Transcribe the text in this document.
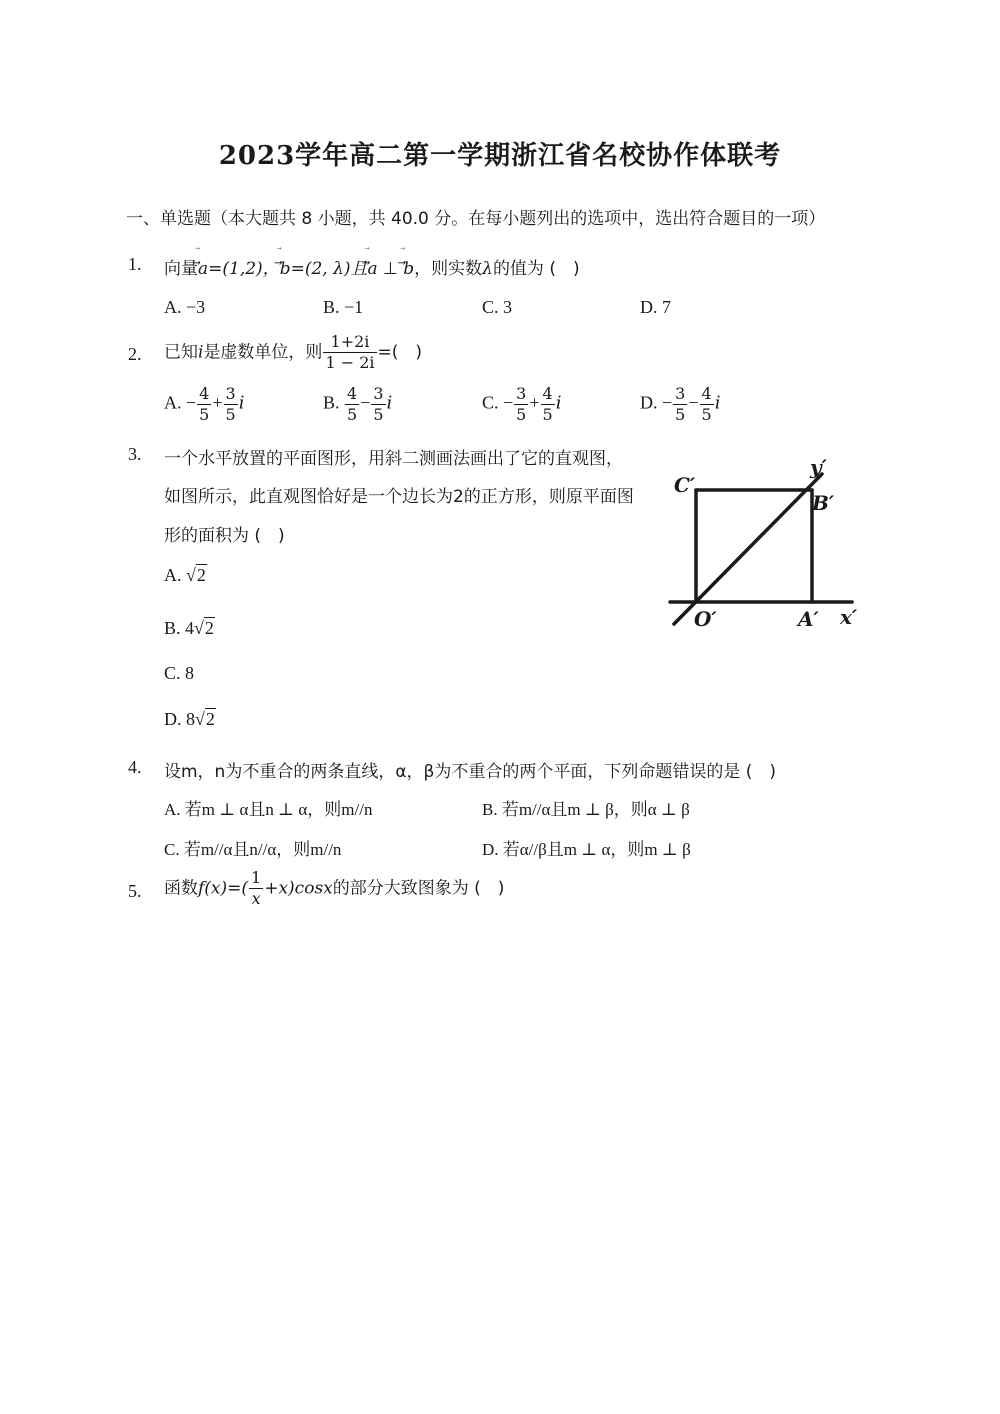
2023学年高二第一学期浙江省名校协作体联考
一、单选题（本大题共 8 小题，共 40.0 分。在每小题列出的选项中，选出符合题目的一项）
1. 向量
⃗ a=(1,2)，
⃗ b=(2, λ)且
⃗ a ⊥
⃗ b，则实数λ的值为 (　)
A. −3	B. −1	C. 3	D. 7
2. 已知i是虚数单位，则 $\frac{1+2i}{1 - 2i}$ =(　)
A. − $\frac{4}{5} + \frac{3}{5}$ i	B. $\frac{4}{5} - \frac{3}{5}$ i	C. − $\frac{3}{5} + \frac{4}{5}$ i	D. − $\frac{3}{5} - \frac{4}{5}$ i
3. 一个水平放置的平面图形，用斜二测画法画出了它的直观图，
如图所示，此直观图恰好是一个边长为2的正方形，则原平面图
形的面积为 (　)
A. √2
B. 4√2
C. 8
D. 8√2
C′
y′
B′
O′	A′ x′
4. 设m，n为不重合的两条直线，α，β为不重合的两个平面，下列命题错误的是 (　)
A. 若m ⊥ α且n ⊥ α，则m//n	B. 若m//α且m ⊥ β，则α ⊥ β
C. 若m//α且n//α，则m//n	D. 若α//β且m ⊥ α，则m ⊥ β
5. 函数$f(x)=( \frac{1}{x} +x)\cos x$的部分大致图象为 (　)
